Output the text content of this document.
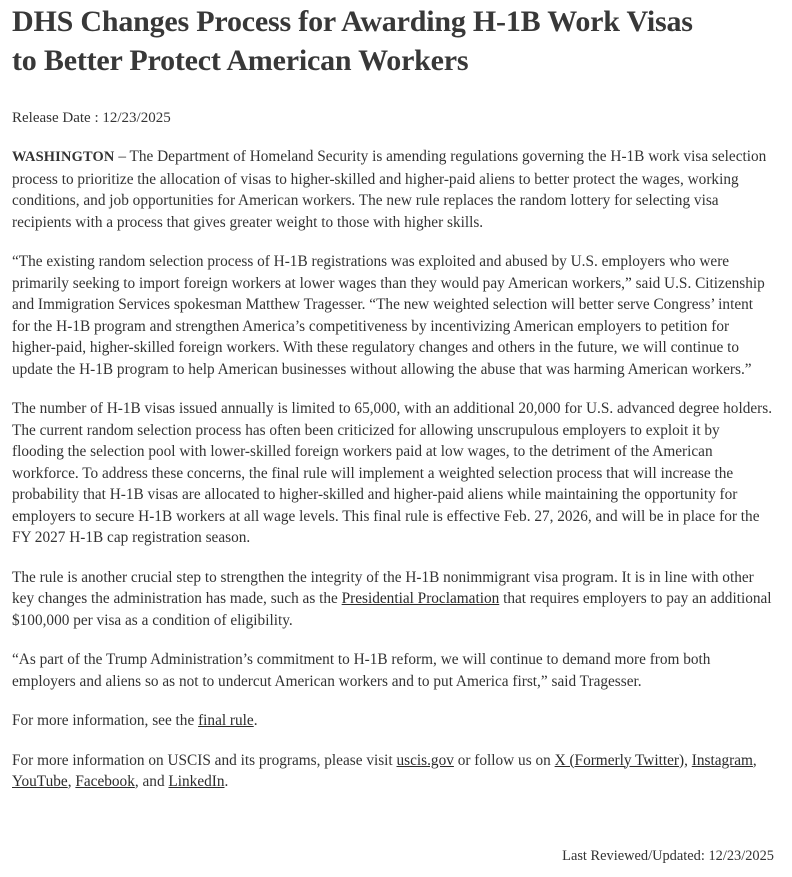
DHS Changes Process for Awarding H-1B Work Visas to Better Protect American Workers
Release Date : 12/23/2025

WASHINGTON – The Department of Homeland Security is amending regulations governing the H-1B work visa selection process to prioritize the allocation of visas to higher-skilled and higher-paid aliens to better protect the wages, working conditions, and job opportunities for American workers. The new rule replaces the random lottery for selecting visa recipients with a process that gives greater weight to those with higher skills.

“The existing random selection process of H-1B registrations was exploited and abused by U.S. employers who were primarily seeking to import foreign workers at lower wages than they would pay American workers,” said U.S. Citizenship and Immigration Services spokesman Matthew Tragesser. “The new weighted selection will better serve Congress’ intent for the H-1B program and strengthen America’s competitiveness by incentivizing American employers to petition for higher-paid, higher-skilled foreign workers. With these regulatory changes and others in the future, we will continue to update the H-1B program to help American businesses without allowing the abuse that was harming American workers.”

The number of H-1B visas issued annually is limited to 65,000, with an additional 20,000 for U.S. advanced degree holders. The current random selection process has often been criticized for allowing unscrupulous employers to exploit it by flooding the selection pool with lower-skilled foreign workers paid at low wages, to the detriment of the American workforce. To address these concerns, the final rule will implement a weighted selection process that will increase the probability that H-1B visas are allocated to higher-skilled and higher-paid aliens while maintaining the opportunity for employers to secure H-1B workers at all wage levels. This final rule is effective Feb. 27, 2026, and will be in place for the FY 2027 H-1B cap registration season.

The rule is another crucial step to strengthen the integrity of the H-1B nonimmigrant visa program. It is in line with other key changes the administration has made, such as the Presidential Proclamation that requires employers to pay an additional $100,000 per visa as a condition of eligibility.

“As part of the Trump Administration’s commitment to H-1B reform, we will continue to demand more from both employers and aliens so as not to undercut American workers and to put America first,” said Tragesser.

For more information, see the final rule.

For more information on USCIS and its programs, please visit uscis.gov or follow us on X (Formerly Twitter), Instagram, YouTube, Facebook, and LinkedIn.

Last Reviewed/Updated: 12/23/2025
